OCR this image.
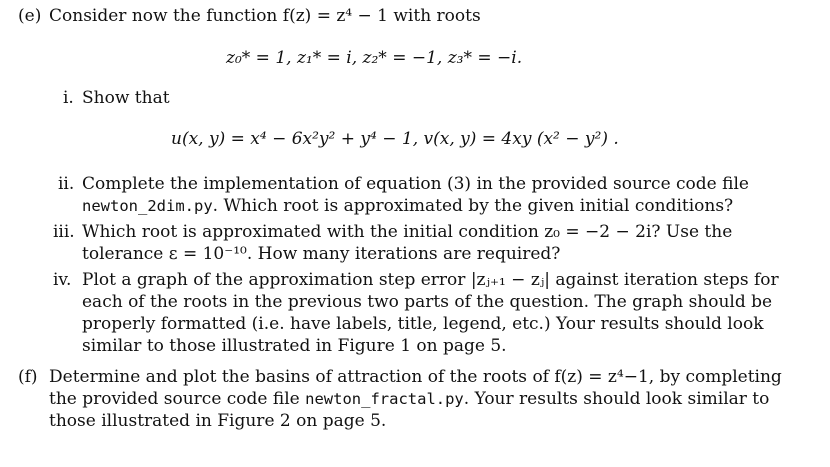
(e) Consider now the function f(z) = z⁴ − 1 with roots
z₀* = 1, z₁* = i, z₂* = −1, z₃* = −i.
i. Show that
u(x, y) = x⁴ − 6x²y² + y⁴ − 1, v(x, y) = 4xy (x² − y²) .
ii. Complete the implementation of equation (3) in the provided source code file
newton_2dim.py. Which root is approximated by the given initial conditions?
iii. Which root is approximated with the initial condition z₀ = −2 − 2i? Use the
tolerance ε = 10⁻¹⁰. How many iterations are required?
iv. Plot a graph of the approximation step error |zⱼ₊₁ − zⱼ| against iteration steps for
each of the roots in the previous two parts of the question. The graph should be
properly formatted (i.e. have labels, title, legend, etc.) Your results should look
similar to those illustrated in Figure 1 on page 5.
(f) Determine and plot the basins of attraction of the roots of f(z) = z⁴−1, by completing
the provided source code file newton_fractal.py. Your results should look similar to
those illustrated in Figure 2 on page 5.
